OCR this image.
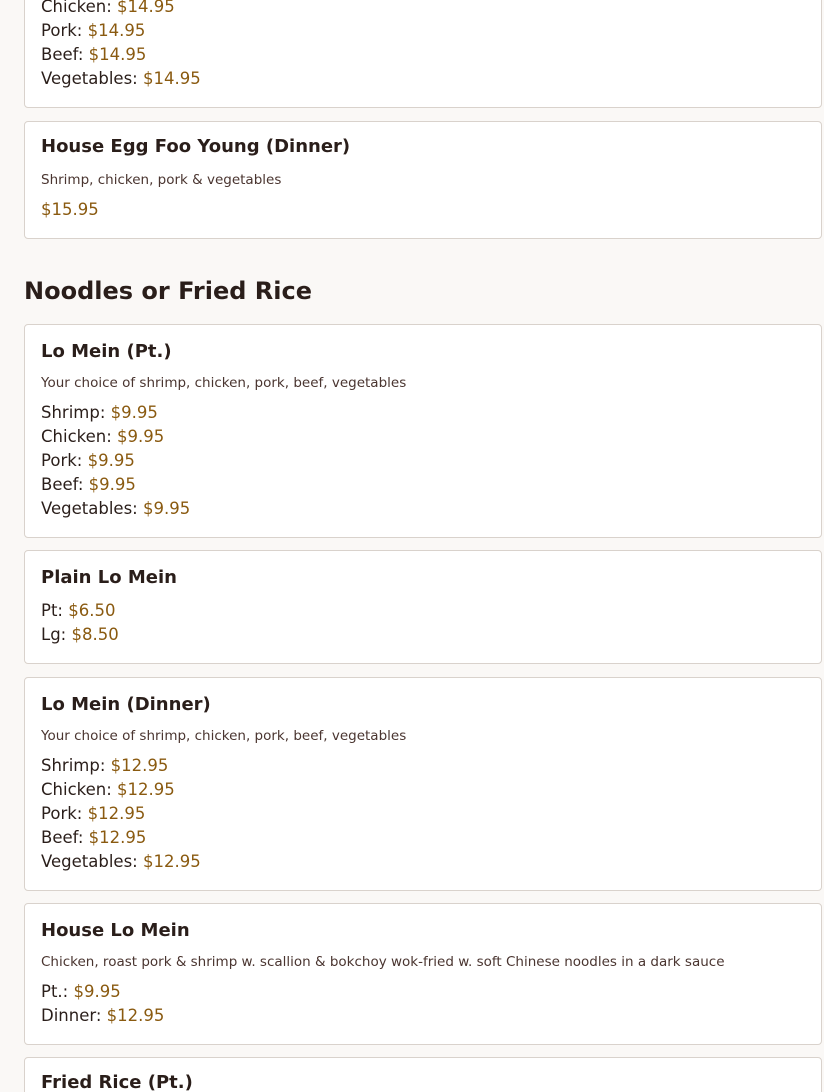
Chicken: $14.95
Pork: $14.95
Beef: $14.95
Vegetables: $14.95
House Egg Foo Young (Dinner)
Shrimp, chicken, pork & vegetables
$15.95
Noodles or Fried Rice
Lo Mein (Pt.)
Your choice of shrimp, chicken, pork, beef, vegetables
Shrimp: $9.95
Chicken: $9.95
Pork: $9.95
Beef: $9.95
Vegetables: $9.95
Plain Lo Mein
Pt: $6.50
Lg: $8.50
Lo Mein (Dinner)
Your choice of shrimp, chicken, pork, beef, vegetables
Shrimp: $12.95
Chicken: $12.95
Pork: $12.95
Beef: $12.95
Vegetables: $12.95
House Lo Mein
Chicken, roast pork & shrimp w. scallion & bokchoy wok-fried w. soft Chinese noodles in a dark sauce
Pt.: $9.95
Dinner: $12.95
Fried Rice (Pt.)
